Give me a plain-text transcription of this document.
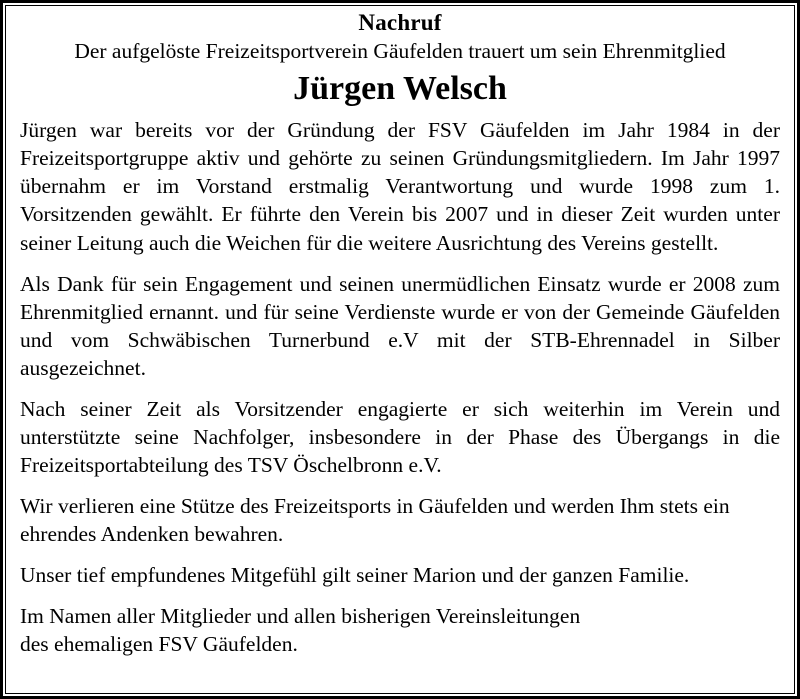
Nachruf
Der aufgelöste Freizeitsportverein Gäufelden trauert um sein Ehrenmitglied
Jürgen Welsch

Jürgen war bereits vor der Gründung der FSV Gäufelden im Jahr 1984 in der Freizeitsportgruppe aktiv und gehörte zu seinen Gründungsmitgliedern. Im Jahr 1997 übernahm er im Vorstand erstmalig Verantwortung und wurde 1998 zum 1. Vorsitzenden gewählt. Er führte den Verein bis 2007 und in dieser Zeit wurden unter seiner Leitung auch die Weichen für die weitere Ausrichtung des Vereins gestellt.

Als Dank für sein Engagement und seinen unermüdlichen Einsatz wurde er 2008 zum Ehrenmitglied ernannt. und für seine Verdienste wurde er von der Gemeinde Gäufelden und vom Schwäbischen Turnerbund e.V mit der STB-Ehrennadel in Silber ausgezeichnet.

Nach seiner Zeit als Vorsitzender engagierte er sich weiterhin im Verein und unterstützte seine Nachfolger, insbesondere in der Phase des Übergangs in die Freizeitsportabteilung des TSV Öschelbronn e.V.

Wir verlieren eine Stütze des Freizeitsports in Gäufelden und werden Ihm stets ein ehrendes Andenken bewahren.

Unser tief empfundenes Mitgefühl gilt seiner Marion und der ganzen Familie.

Im Namen aller Mitglieder und allen bisherigen Vereinsleitungen
des ehemaligen FSV Gäufelden.
